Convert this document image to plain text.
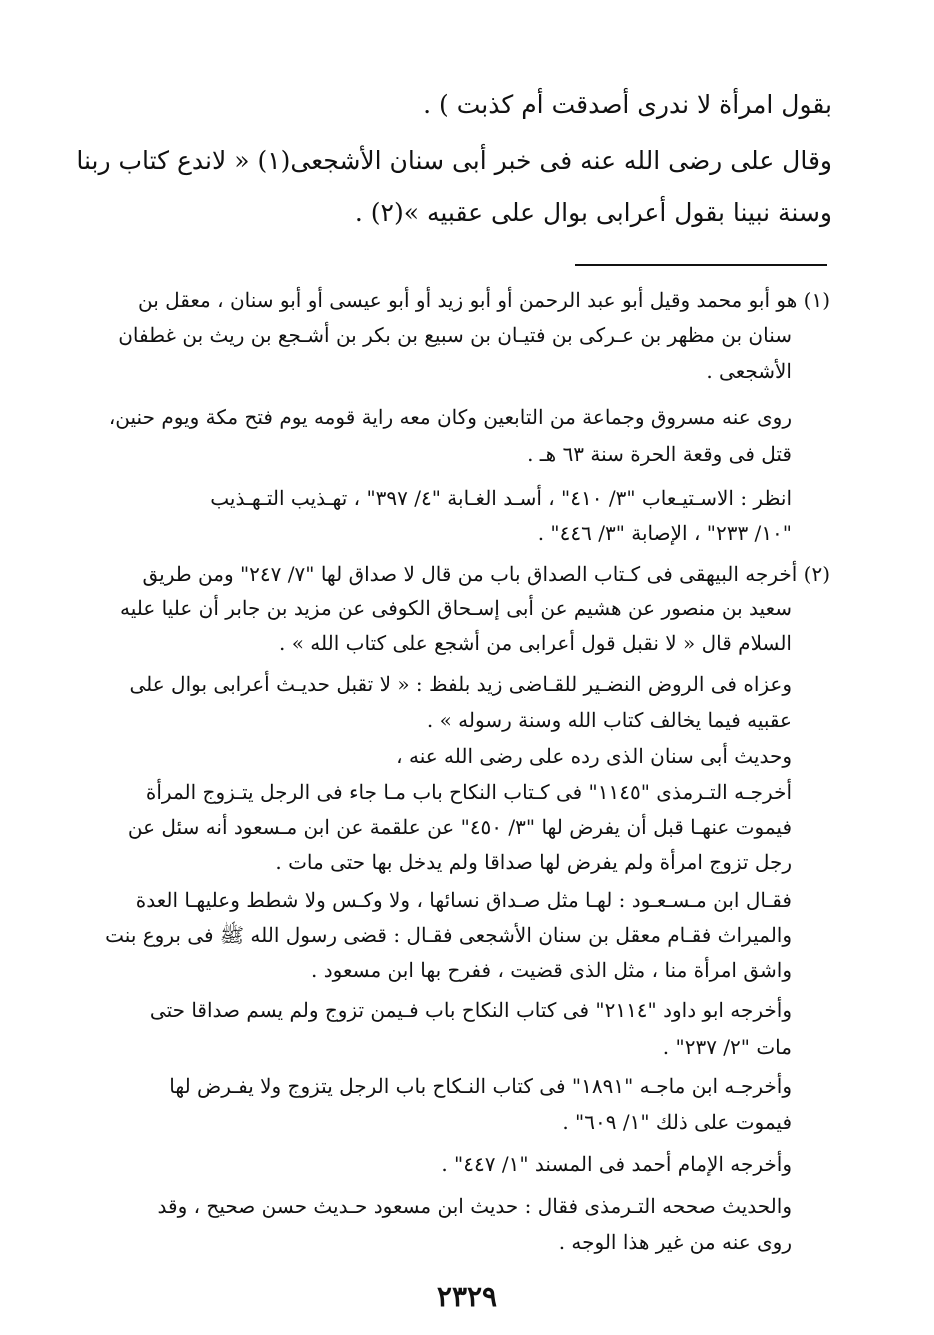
بقول امرأة لا ندرى أصدقت أم كذبت ) .
وقال على رضى الله عنه فى خبر أبى سنان الأشجعى(١) « لاندع كتاب ربنا
وسنة نبينا بقول أعرابى بوال على عقبيه »(٢) .
(١) هو أبو محمد وقيل أبو عبد الرحمن أو أبو زيد أو أبو عيسى أو أبو سنان ، معقل بن
سنان بن مظهر بن عـركى بن فتيـان بن سبيع بن بكر بن أشـجع بن ريث بن غطفان
الأشجعى .
روى عنه مسروق وجماعة من التابعين وكان معه راية قومه يوم فتح مكة ويوم حنين،
قتل فى وقعة الحرة سنة ٦٣ هـ .
انظر : الاسـتيـعاب "٣/ ٤١٠" ، أسـد الغـابة "٤/ ٣٩٧" ، تهـذيب التـهـذيب
"١٠/ ٢٣٣" ، الإصابة "٣/ ٤٤٦" .
(٢) أخرجه البيهقى فى كـتاب الصداق باب من قال لا صداق لها "٧/ ٢٤٧" ومن طريق
سعيد بن منصور عن هشيم عن أبى إسـحاق الكوفى عن مزيد بن جابر أن عليا عليه
السلام قال « لا نقبل قول أعرابى من أشجع على كتاب الله » .
وعزاه فى الروض النضـير للقـاضى زيد بلفظ : « لا تقبل حديـث أعرابى بوال على
عقبيه فيما يخالف كتاب الله وسنة رسوله » .
وحديث أبى سنان الذى رده على رضى الله عنه ،
أخرجـه التـرمذى "١١٤٥" فى كـتاب النكاح باب مـا جاء فى الرجل يتـزوج المرأة
فيموت عنهـا قبل أن يفرض لها "٣/ ٤٥٠" عن علقمة عن ابن مـسعود أنه سئل عن
رجل تزوج امرأة ولم يفرض لها صداقا ولم يدخل بها حتى مات .
فقـال ابن مـسـعـود : لهـا مثل صـداق نسائها ، ولا وكـس ولا شطط وعليهـا العدة
والميراث فقـام معقل بن سنان الأشجعى فقـال : قضى رسول الله ﷺ فى بروع بنت
واشق امرأة منا ، مثل الذى قضيت ، ففرح بها ابن مسعود .
وأخرجه ابو داود "٢١١٤" فى كتاب النكاح باب فـيمن تزوج ولم يسم صداقا حتى
مات "٢/ ٢٣٧" .
وأخرجـه ابن ماجـه "١٨٩١" فى كتاب النـكاح باب الرجل يتزوج ولا يفـرض لها
فيموت على ذلك "١/ ٦٠٩" .
وأخرجه الإمام أحمد فى المسند "١/ ٤٤٧" .
والحديث صححه التـرمذى فقال : حديث ابن مسعود حـديث حسن صحيح ، وقد
روى عنه من غير هذا الوجه .
٢٣٢٩
